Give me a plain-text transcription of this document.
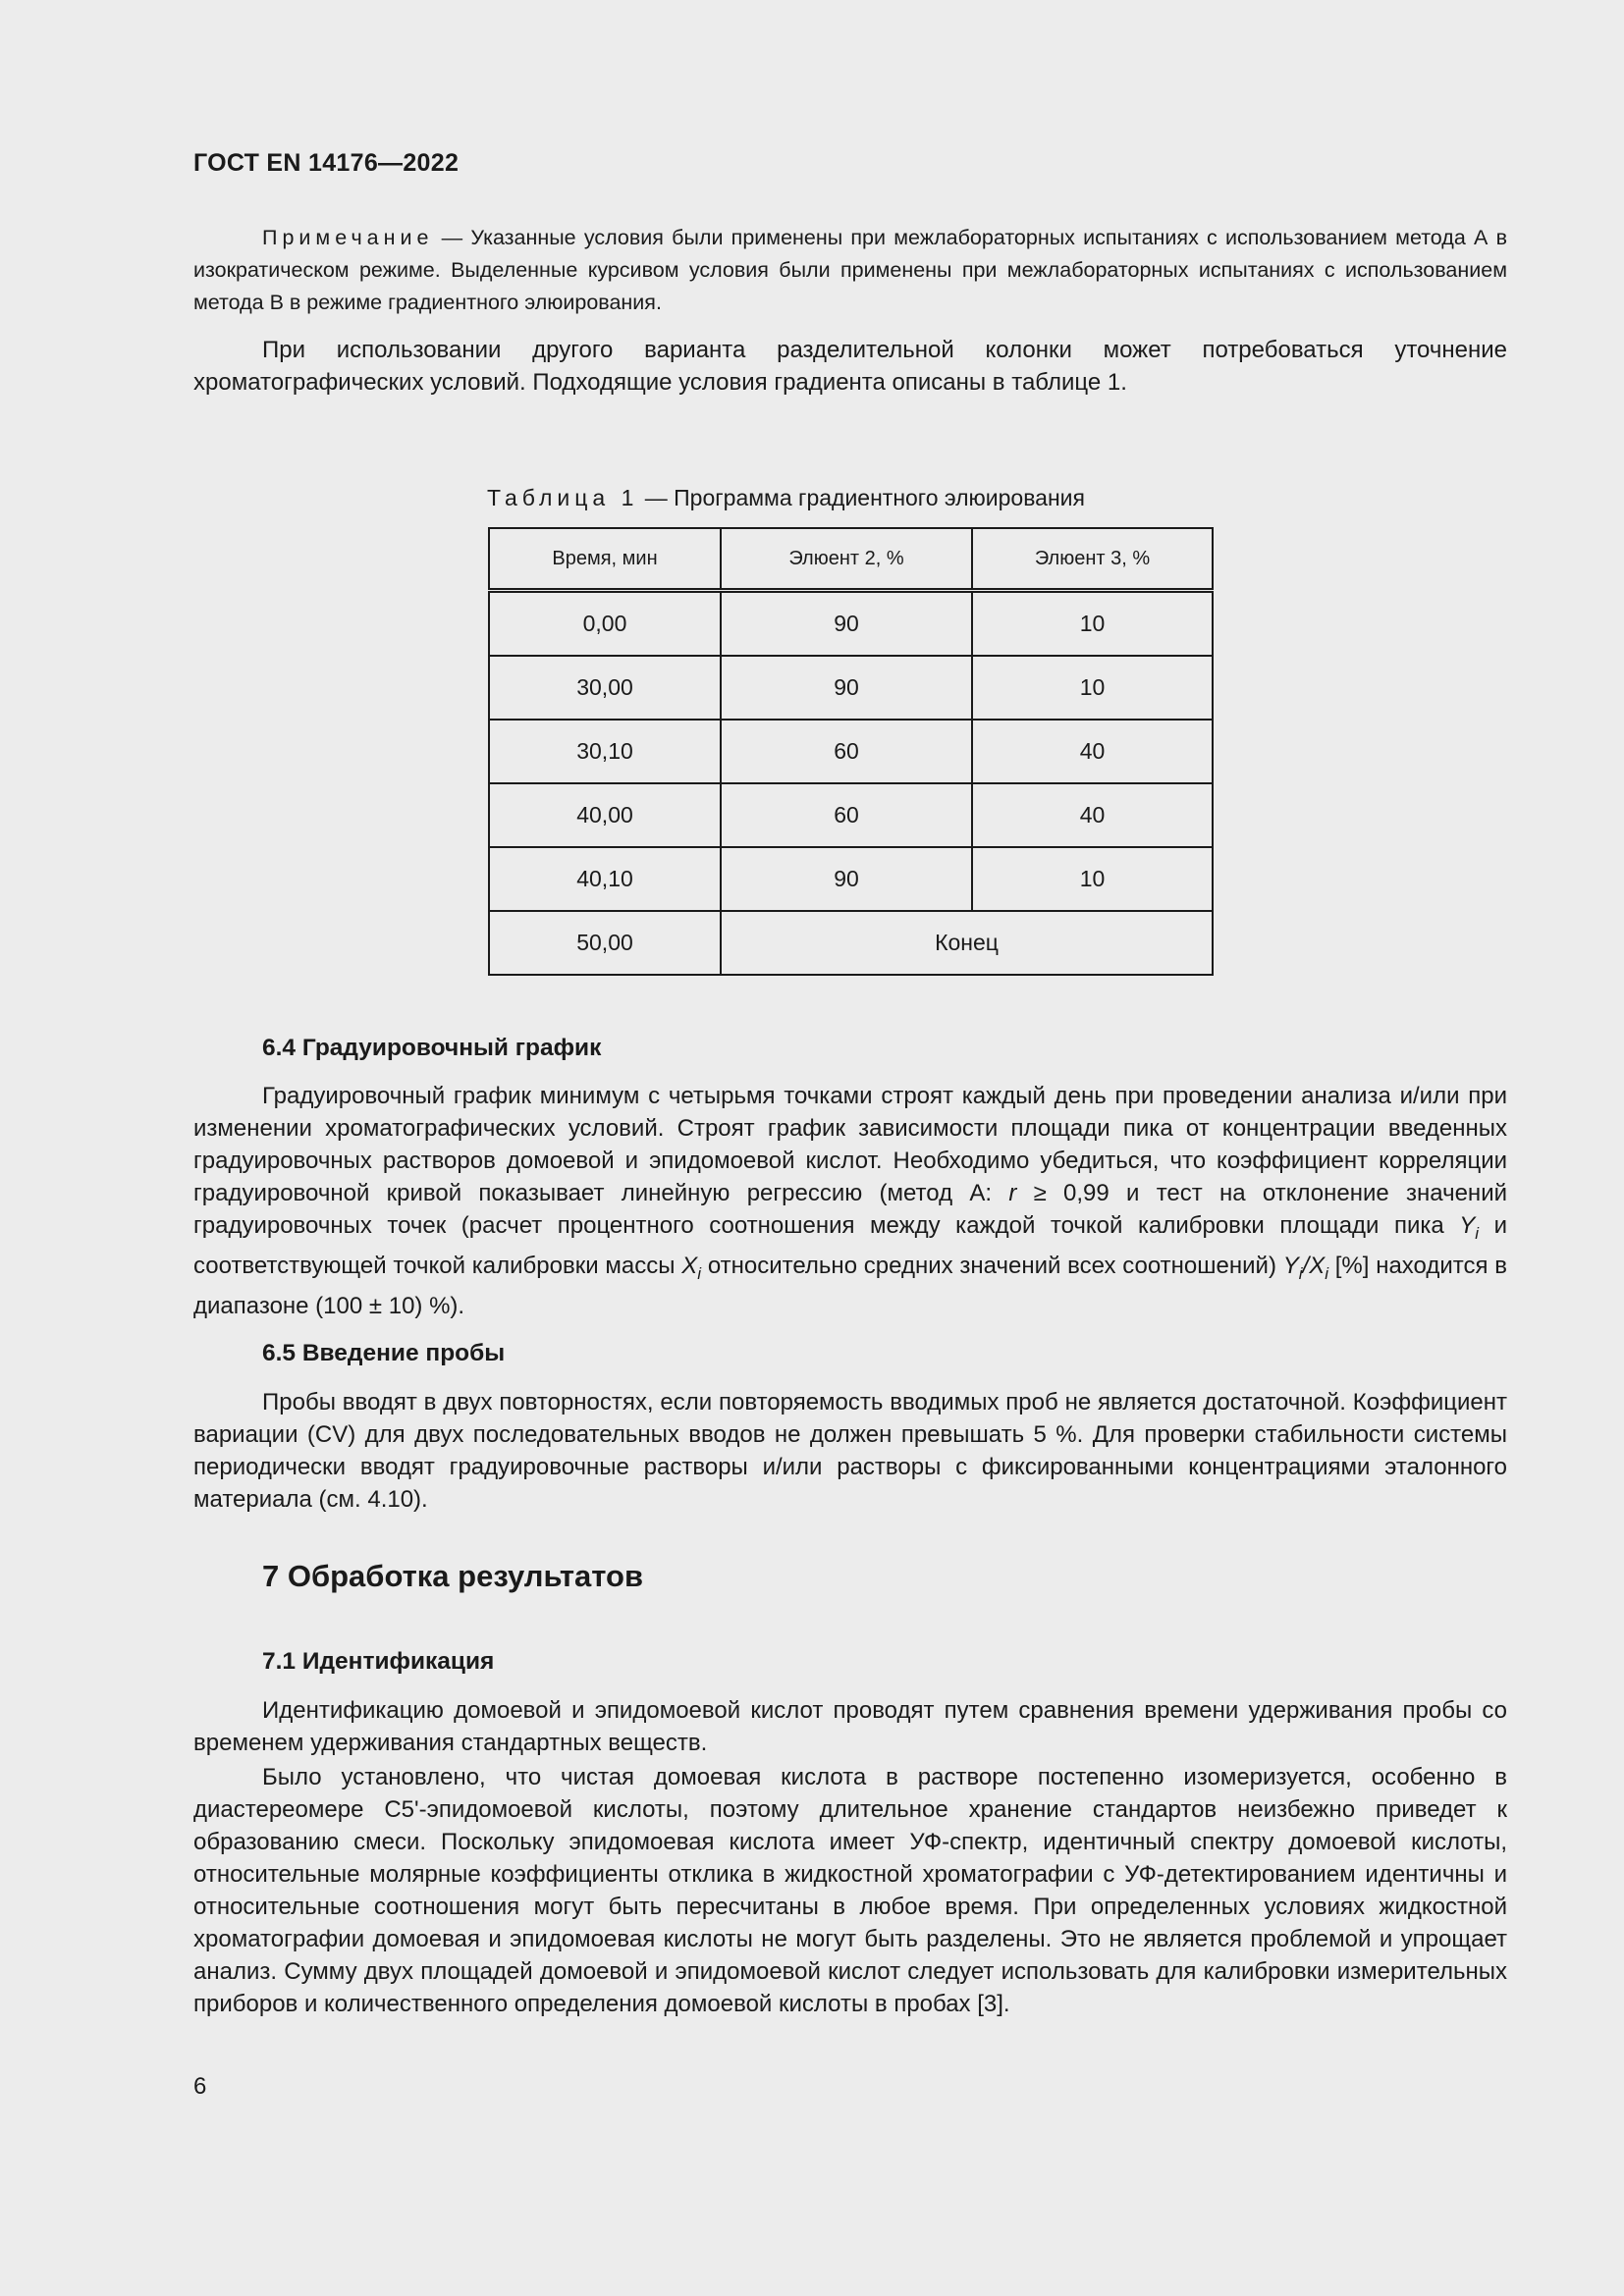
ГОСТ EN 14176—2022

Примечание — Указанные условия были применены при межлабораторных испытаниях с использованием метода А в изократическом режиме. Выделенные курсивом условия были применены при межлабораторных испытаниях с использованием метода В в режиме градиентного элюирования.

При использовании другого варианта разделительной колонки может потребоваться уточнение хроматографических условий. Подходящие условия градиента описаны в таблице 1.

Таблица 1 — Программа градиентного элюирования
Время, мин	Элюент 2, %	Элюент 3, %
0,00	90	10
30,00	90	10
30,10	60	40
40,00	60	40
40,10	90	10
50,00	Конец	
6.4 Градуировочный график

Градуировочный график минимум с четырьмя точками строят каждый день при проведении анализа и/или при изменении хроматографических условий. Строят график зависимости площади пика от концентрации введенных градуировочных растворов домоевой и эпидомоевой кислот. Необходимо убедиться, что коэффициент корреляции градуировочной кривой показывает линейную регрессию (метод А: r ≥ 0,99 и тест на отклонение значений градуировочных точек (расчет процентного соотношения между каждой точкой калибровки площади пика $Y_i$ и соответствующей точкой калибровки массы $X_i$ относительно средних значений всех соотношений) $Y_i/X_i$ [%] находится в диапазоне (100 ± 10) %).

6.5 Введение пробы

Пробы вводят в двух повторностях, если повторяемость вводимых проб не является достаточной. Коэффициент вариации (CV) для двух последовательных вводов не должен превышать 5 %. Для проверки стабильности системы периодически вводят градуировочные растворы и/или растворы с фиксированными концентрациями эталонного материала (см. 4.10).

7 Обработка результатов
7.1 Идентификация

Идентификацию домоевой и эпидомоевой кислот проводят путем сравнения времени удерживания пробы со временем удерживания стандартных веществ.

Было установлено, что чистая домоевая кислота в растворе постепенно изомеризуется, особенно в диастереомере C5'-эпидомоевой кислоты, поэтому длительное хранение стандартов неизбежно приведет к образованию смеси. Поскольку эпидомоевая кислота имеет УФ-спектр, идентичный спектру домоевой кислоты, относительные молярные коэффициенты отклика в жидкостной хроматографии с УФ-детектированием идентичны и относительные соотношения могут быть пересчитаны в любое время. При определенных условиях жидкостной хроматографии домоевая и эпидомоевая кислоты не могут быть разделены. Это не является проблемой и упрощает анализ. Сумму двух площадей домоевой и эпидомоевой кислот следует использовать для калибровки измерительных приборов и количественного определения домоевой кислоты в пробах [3].

6
